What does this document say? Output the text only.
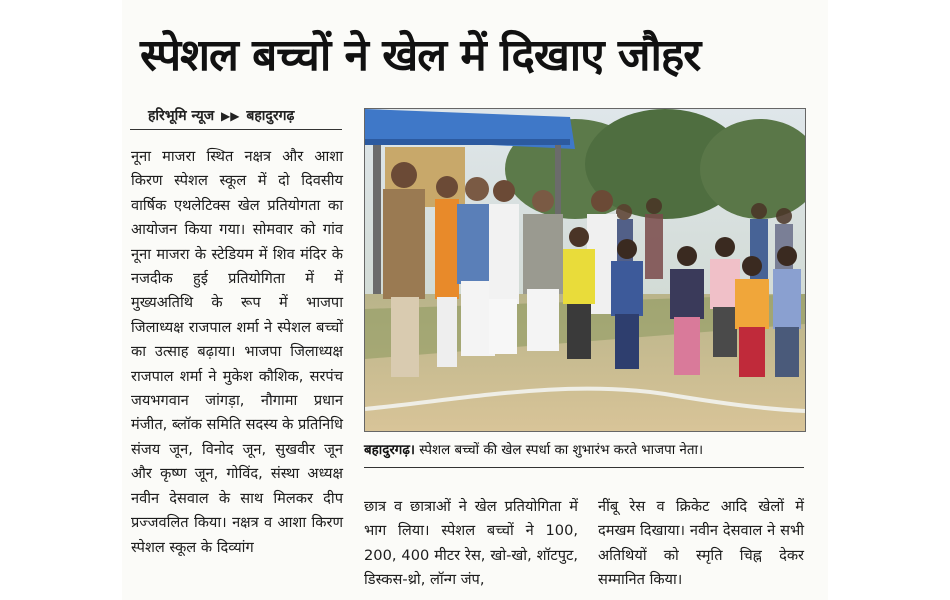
स्पेशल बच्चों ने खेल में दिखाए जौहर
हरिभूमि न्यूज ▶▶ बहादुरगढ़

नूना माजरा स्थित नक्षत्र और आशा किरण स्पेशल स्कूल में दो दिवसीय वार्षिक एथलेटिक्स खेल प्रतियोगता का आयोजन किया गया। सोमवार को गांव नूना माजरा के स्टेडियम में शिव मंदिर के नजदीक हुई प्रतियोगिता में में मुख्यअतिथि के रूप में भाजपा जिलाध्यक्ष राजपाल शर्मा ने स्पेशल बच्चों का उत्साह बढ़ाया। भाजपा जिलाध्यक्ष राजपाल शर्मा ने मुकेश कौशिक, सरपंच जयभगवान जांगड़ा, नौगामा प्रधान मंजीत, ब्लॉक समिति सदस्य के प्रतिनिधि संजय जून, विनोद जून, सुखवीर जून और कृष्ण जून, गोविंद, संस्था अध्यक्ष नवीन देसवाल के साथ मिलकर दीप प्रज्जवलित किया। नक्षत्र व आशा किरण स्पेशल स्कूल के दिव्यांग

बहादुरगढ़। स्पेशल बच्चों की खेल स्पर्धा का शुभारंभ करते भाजपा नेता।

छात्र व छात्राओं ने खेल प्रतियोगिता में भाग लिया। स्पेशल बच्चों ने 100, 200, 400 मीटर रेस, खो-खो, शॉटपुट, डिस्कस-थ्रो, लॉन्ग जंप,

नींबू रेस व क्रिकेट आदि खेलों में दमखम दिखाया। नवीन देसवाल ने सभी अतिथियों को स्मृति चिह्न देकर सम्मानित किया।
